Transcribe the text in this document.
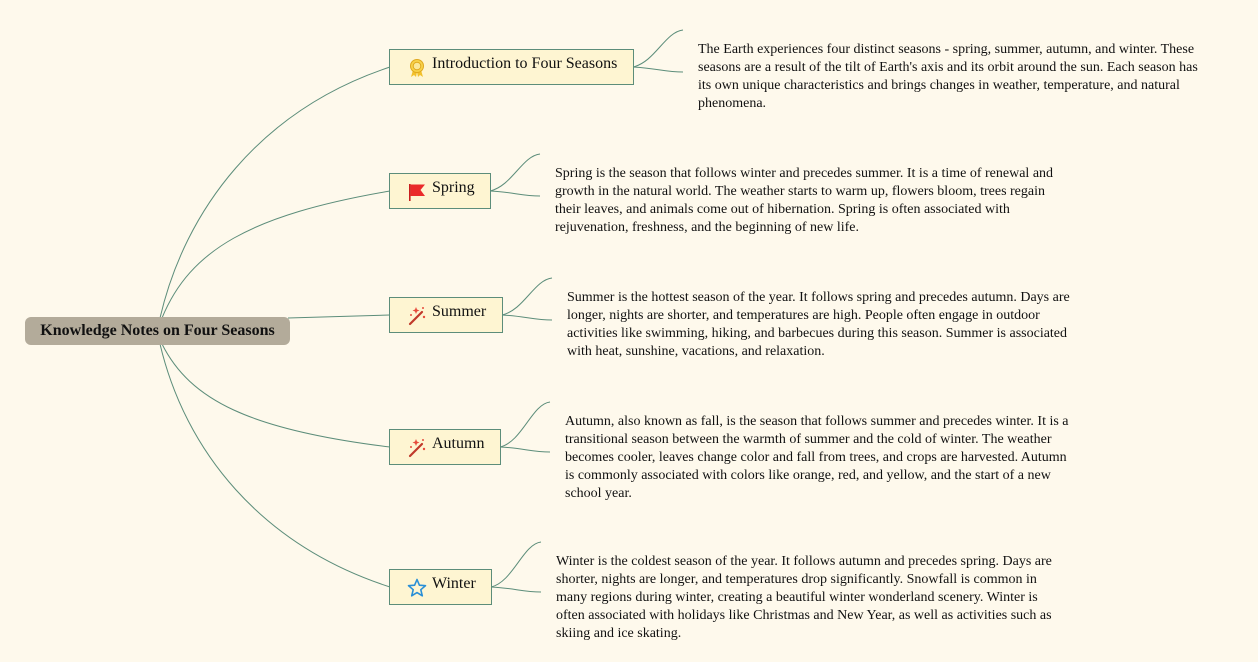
Knowledge Notes on Four Seasons
Introduction to Four Seasons
The Earth experiences four distinct seasons - spring, summer, autumn, and winter. These seasons are a result of the tilt of Earth's axis and its orbit around the sun. Each season has its own unique characteristics and brings changes in weather, temperature, and natural phenomena.
Spring
Spring is the season that follows winter and precedes summer. It is a time of renewal and growth in the natural world. The weather starts to warm up, flowers bloom, trees regain their leaves, and animals come out of hibernation. Spring is often associated with rejuvenation, freshness, and the beginning of new life.
Summer
Summer is the hottest season of the year. It follows spring and precedes autumn. Days are longer, nights are shorter, and temperatures are high. People often engage in outdoor activities like swimming, hiking, and barbecues during this season. Summer is associated with heat, sunshine, vacations, and relaxation.
Autumn
Autumn, also known as fall, is the season that follows summer and precedes winter. It is a transitional season between the warmth of summer and the cold of winter. The weather becomes cooler, leaves change color and fall from trees, and crops are harvested. Autumn is commonly associated with colors like orange, red, and yellow, and the start of a new school year.
Winter
Winter is the coldest season of the year. It follows autumn and precedes spring. Days are shorter, nights are longer, and temperatures drop significantly. Snowfall is common in many regions during winter, creating a beautiful winter wonderland scenery. Winter is often associated with holidays like Christmas and New Year, as well as activities such as skiing and ice skating.
